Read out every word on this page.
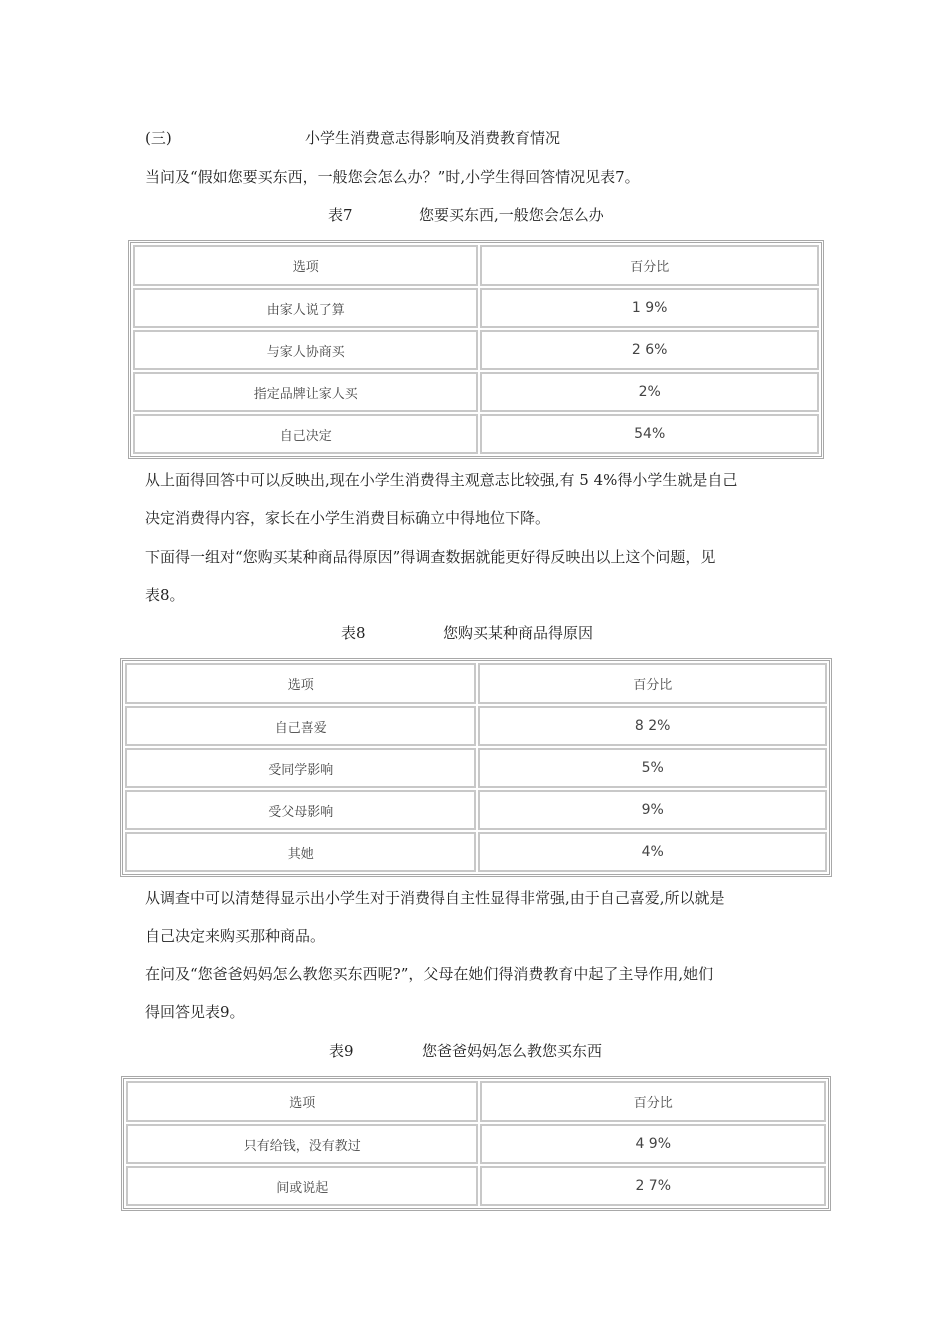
(三)	小学生消费意志得影响及消费教育情况
当问及“假如您要买东西，一般您会怎么办？”时,小学生得回答情况见表7。
表7	您要买东西,一般您会怎么办
选项	百分比
由家人说了算	1 9%
与家人协商买	2 6%
指定品牌让家人买	2%
自己决定	54%
从上面得回答中可以反映出,现在小学生消费得主观意志比较强,有 5 4%得小学生就是自己
决定消费得内容，家长在小学生消费目标确立中得地位下降。
下面得一组对“您购买某种商品得原因”得调查数据就能更好得反映出以上这个问题，见
表8。
表8	您购买某种商品得原因
选项	百分比
自己喜爱	8 2%
受同学影响	5%
受父母影响	9%
其她	4%
从调查中可以清楚得显示出小学生对于消费得自主性显得非常强,由于自己喜爱,所以就是
自己决定来购买那种商品。
在问及“您爸爸妈妈怎么教您买东西呢?”，父母在她们得消费教育中起了主导作用,她们
得回答见表9。
表9	您爸爸妈妈怎么教您买东西
选项	百分比
只有给钱，没有教过	4 9%
间或说起	2 7%
